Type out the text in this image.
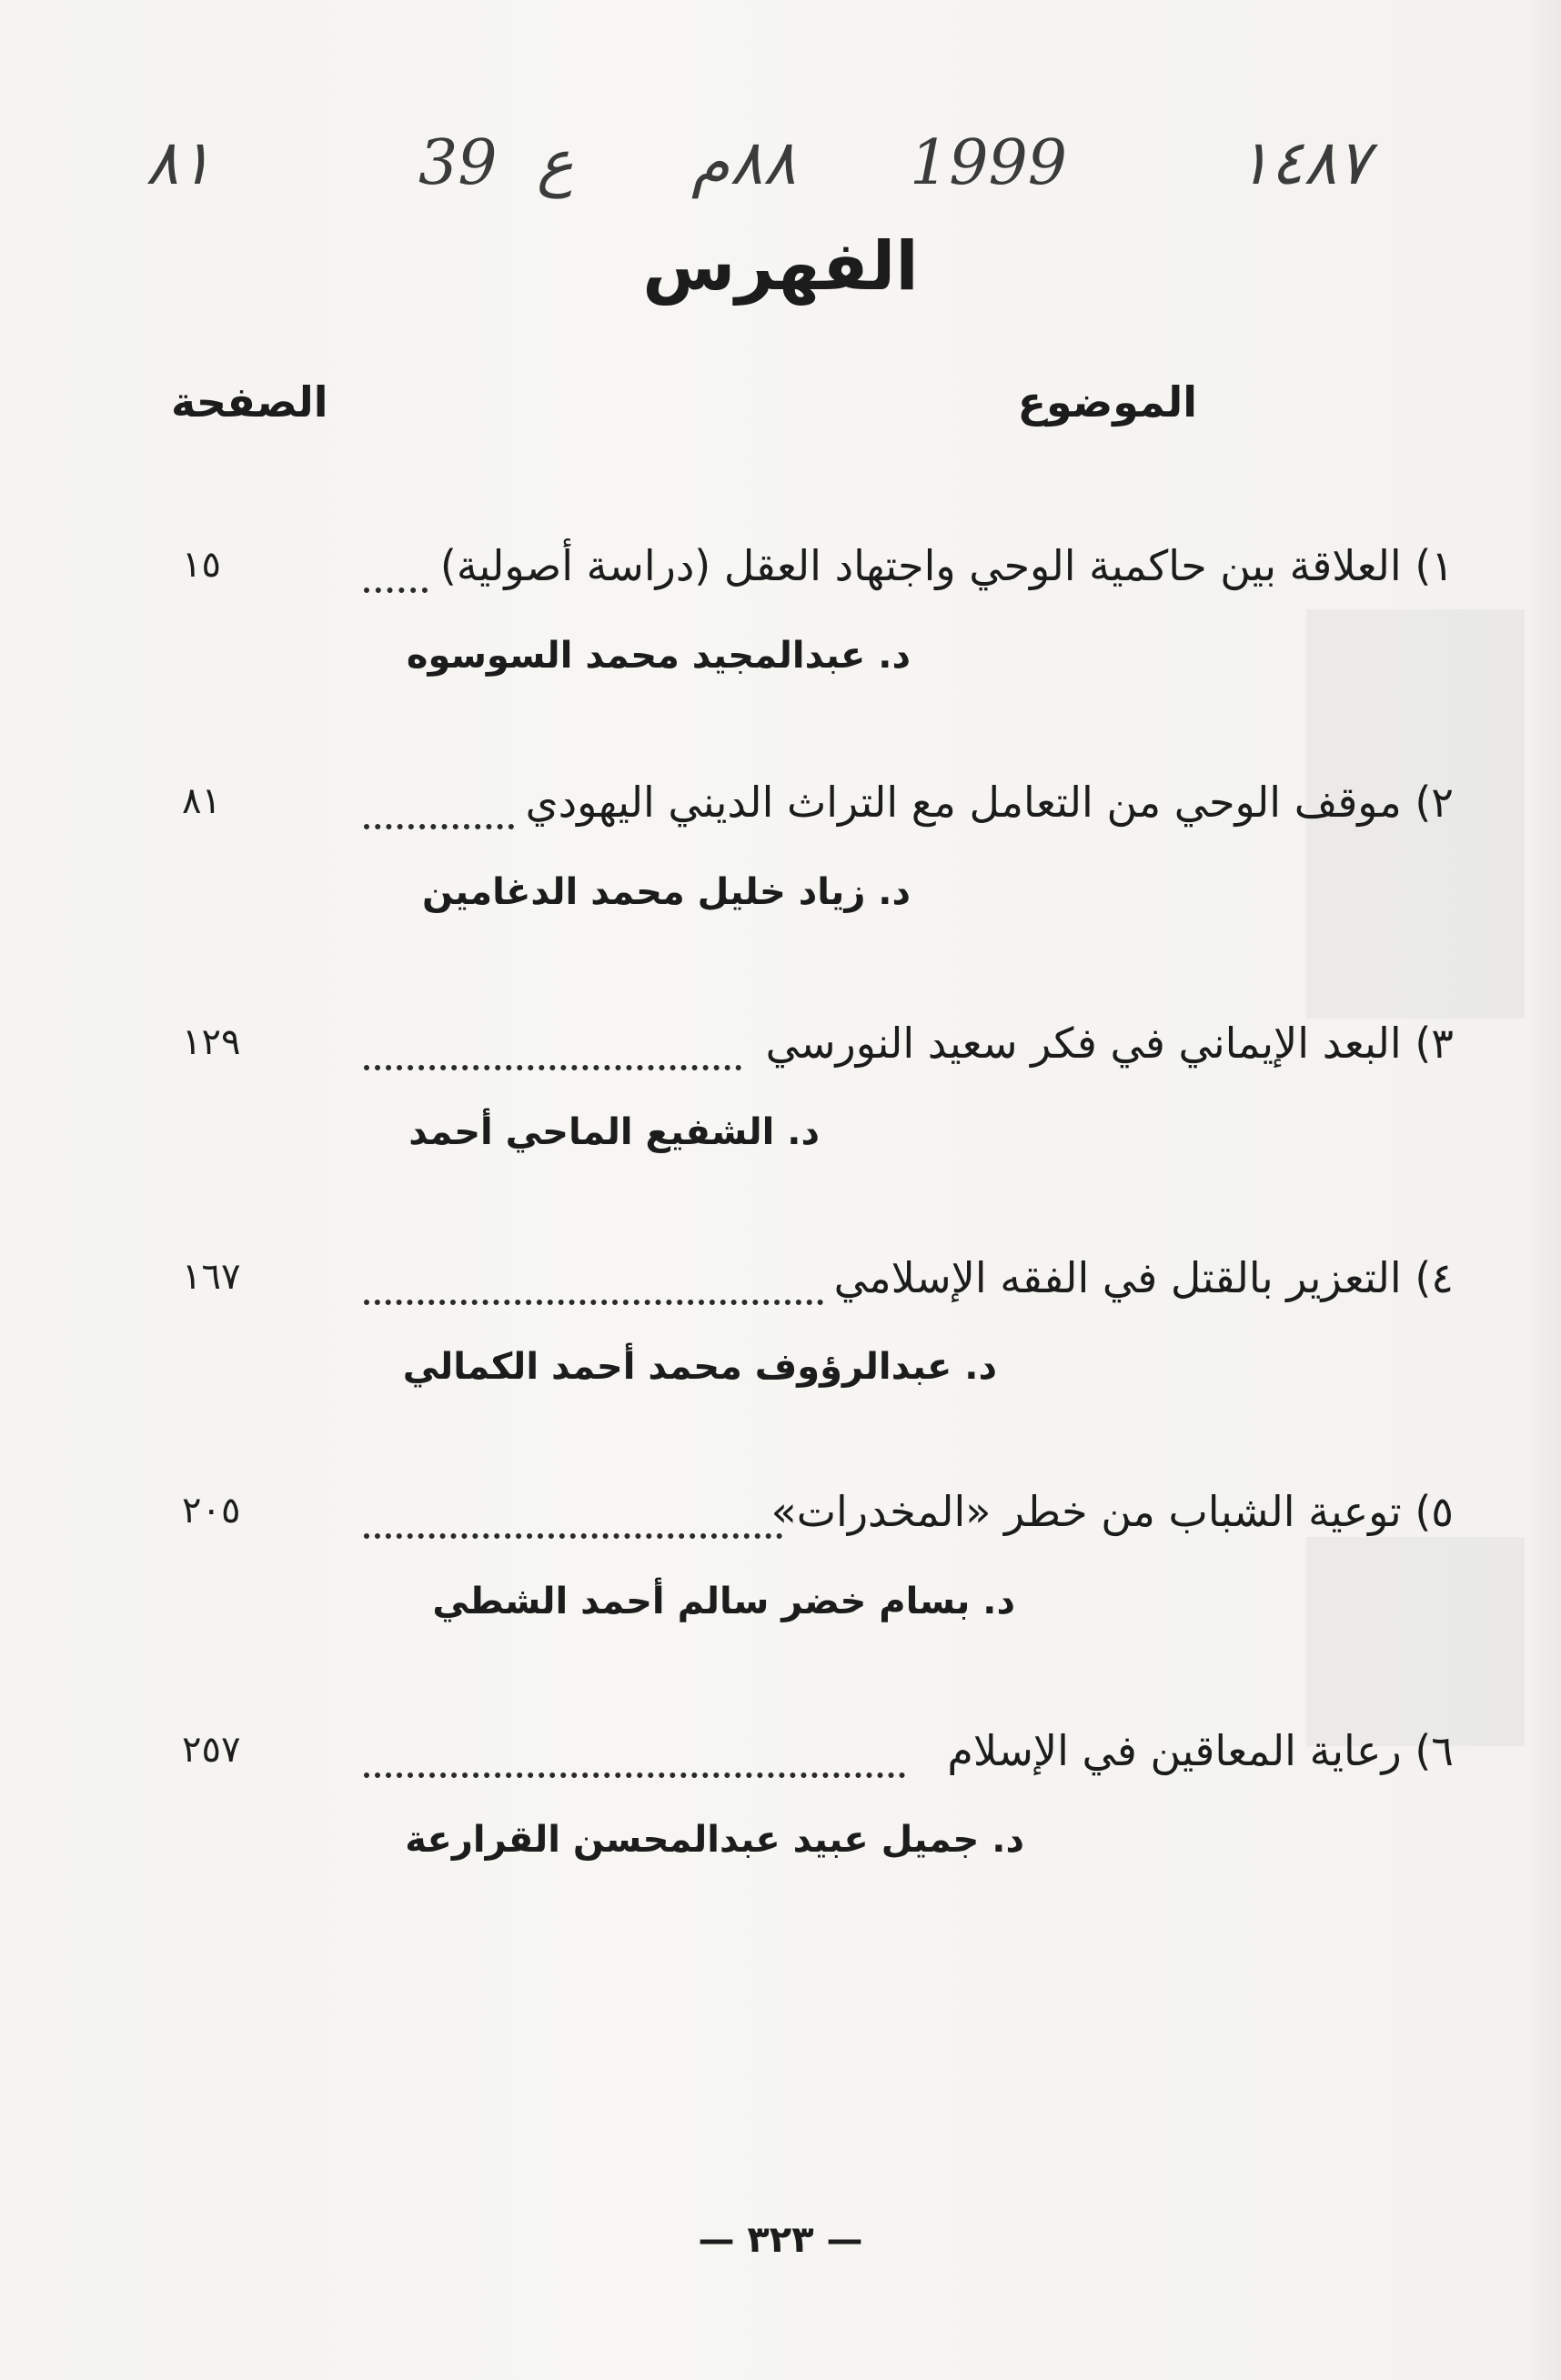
١٤٨٧
1999
٨٨م
ع
39
٨١
الفهرس
الموضوع
الصفحة
١) العلاقة بين حاكمية الوحي واجتهاد العقل (دراسة أصولية)
١٥
د. عبدالمجيد محمد السوسوه
٢) موقف الوحي من التعامل مع التراث الديني اليهودي
٨١
د. زياد خليل محمد الدغامين
٣) البعد الإيماني في فكر سعيد النورسي
١٢٩
د. الشفيع الماحي أحمد
٤) التعزير بالقتل في الفقه الإسلامي
١٦٧
د. عبدالرؤوف محمد أحمد الكمالي
٥) توعية الشباب من خطر «المخدرات»
٢٠٥
د. بسام خضر سالم أحمد الشطي
٦) رعاية المعاقين في الإسلام
٢٥٧
د. جميل عبيد عبدالمحسن القرارعة
— ٣٢٣ —
